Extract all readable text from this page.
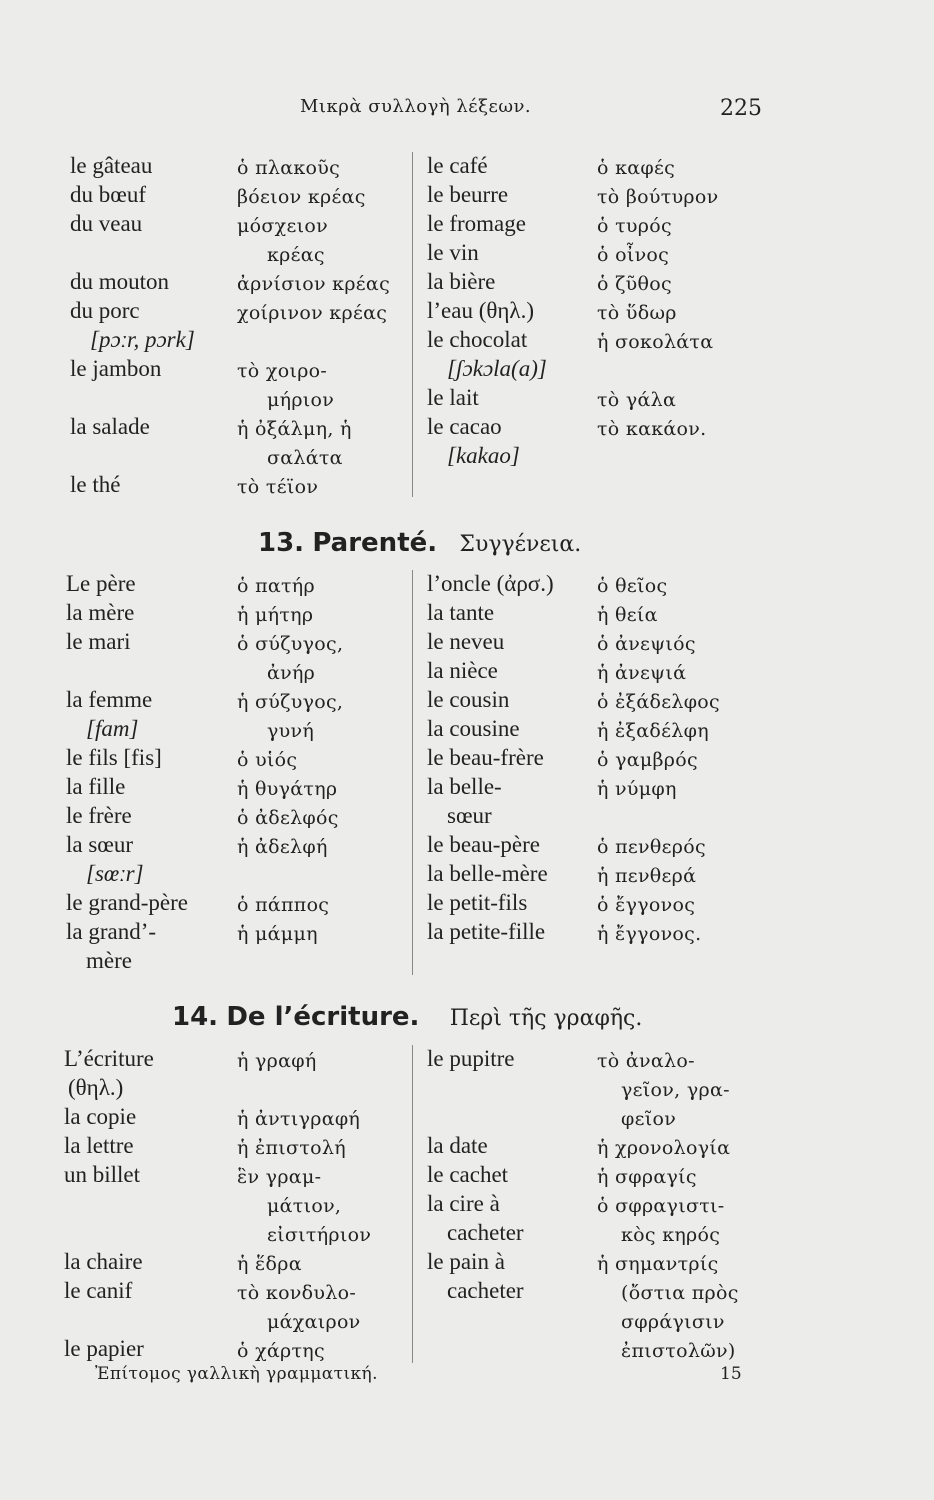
Μικρὰ συλλογὴ λέξεων.	225
le gâteau	ὁ πλακοῦς
du bœuf	βόειον κρέας
du veau	μόσχειον
κρέας
du mouton	ἀρνίσιον κρέας
du porc	χοίρινον κρέας
[pɔːr, pɔrk]
le jambon	τὸ χοιρο-
μήριον
la salade	ἡ ὀξάλμη, ἡ
σαλάτα
le thé	τὸ τέϊον
le café	ὁ καφές
le beurre	τὸ βούτυρον
le fromage	ὁ τυρός
le vin	ὁ οἶνος
la bière	ὁ ζῦθος
l’eau (θηλ.)	τὸ ὕδωρ
le chocolat	ἡ σοκολάτα
[ʃɔkɔla(a)]
le lait	τὸ γάλα
le cacao	τὸ κακάον.
[kakao]
13. Parenté. Συγγένεια.
Le père	ὁ πατήρ
la mère	ἡ μήτηρ
le mari	ὁ σύζυγος,
ἀνήρ
la femme	ἡ σύζυγος,
[fam]	γυνή
le fils [fis]	ὁ υἱός
la fille	ἡ θυγάτηρ
le frère	ὁ ἀδελφός
la sœur	ἡ ἀδελφή
[sœːr]
le grand-père	ὁ πάππος
la grand’-	ἡ μάμμη
mère
l’oncle (ἀρσ.) ὁ θεῖος
la tante	ἡ θεία
le neveu	ὁ ἀνεψιός
la nièce	ἡ ἀνεψιά
le cousin	ὁ ἐξάδελφος
la cousine	ἡ ἐξαδέλφη
le beau-frère	ὁ γαμβρός
la belle-	ἡ νύμφη
sœur
le beau-père	ὁ πενθερός
la belle-mère	ἡ πενθερά
le petit-fils	ὁ ἔγγονος
la petite-fille	ἡ ἔγγονος.
14. De l’écriture. Περὶ τῆς γραφῆς.
L’écriture	ἡ γραφή
(θηλ.)
la copie	ἡ ἀντιγραφή
la lettre	ἡ ἐπιστολή
un billet	ἓν γραμ-
μάτιον,
εἰσιτήριον
la chaire	ἡ ἕδρα
le canif	τὸ κονδυλο-
μάχαιρον
le papier	ὁ χάρτης
le pupitre	τὸ ἀναλο-
γεῖον, γρα-
φεῖον
la date	ἡ χρονολογία
le cachet	ἡ σφραγίς
la cire à	ὁ σφραγιστι-
cacheter	κὸς κηρός
le pain à	ἡ σημαντρίς
cacheter	(ὄστια πρὸς
σφράγισιν
ἐπιστολῶν)
Ἐπίτομος γαλλικὴ γραμματική.	15
